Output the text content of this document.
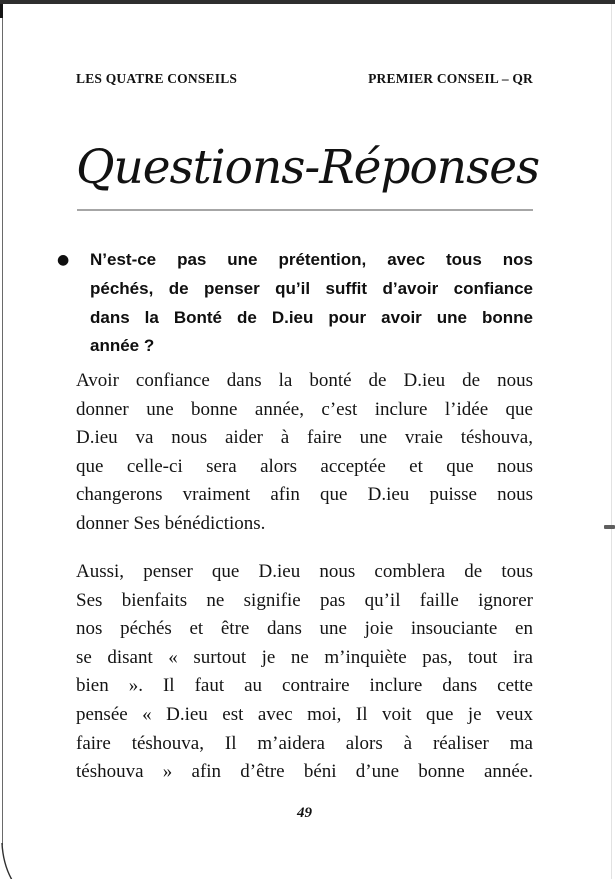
LES QUATRE CONSEILS	PREMIER CONSEIL – QR
Questions-Réponses
●	N’est-ce pas une prétention, avec tous nos
péchés, de penser qu’il suffit d’avoir confiance
dans la Bonté de D.ieu pour avoir une bonne
année ?
Avoir confiance dans la bonté de D.ieu de nous
donner une bonne année, c’est inclure l’idée que
D.ieu va nous aider à faire une vraie téshouva,
que celle-ci sera alors acceptée et que nous
changerons vraiment afin que D.ieu puisse nous
donner Ses bénédictions.
Aussi, penser que D.ieu nous comblera de tous
Ses bienfaits ne signifie pas qu’il faille ignorer
nos péchés et être dans une joie insouciante en
se disant « surtout je ne m’inquiète pas, tout ira
bien ». Il faut au contraire inclure dans cette
pensée « D.ieu est avec moi, Il voit que je veux
faire téshouva, Il m’aidera alors à réaliser ma
téshouva » afin d’être béni d’une bonne année.
49
